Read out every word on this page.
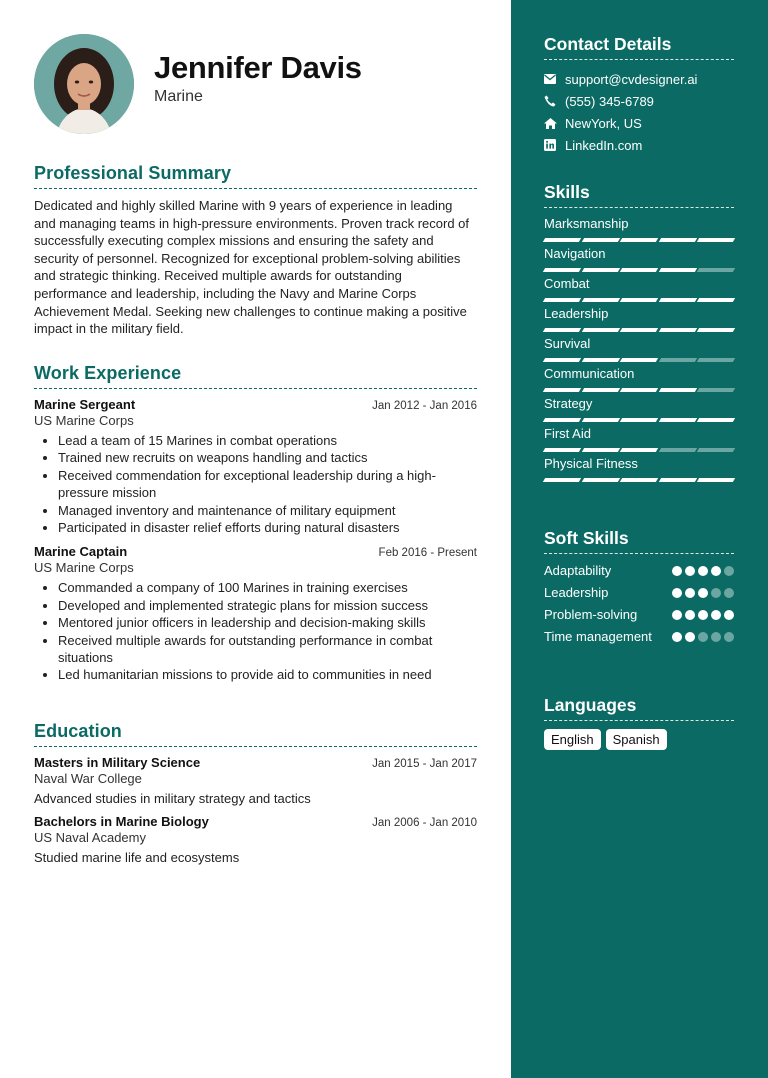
Jennifer Davis
Marine
Professional Summary

Dedicated and highly skilled Marine with 9 years of experience in leading and managing teams in high-pressure environments. Proven track record of successfully executing complex missions and ensuring the safety and security of personnel. Recognized for exceptional problem-solving abilities and strategic thinking. Received multiple awards for outstanding performance and leadership, including the Navy and Marine Corps Achievement Medal. Seeking new challenges to continue making a positive impact in the military field.

Work Experience
Marine Sergeant	Jan 2012 - Jan 2016
US Marine Corps
• Lead a team of 15 Marines in combat operations
• Trained new recruits on weapons handling and tactics
• Received commendation for exceptional leadership during a high-pressure mission
• Managed inventory and maintenance of military equipment
• Participated in disaster relief efforts during natural disasters
Marine Captain	Feb 2016 - Present
US Marine Corps
• Commanded a company of 100 Marines in training exercises
• Developed and implemented strategic plans for mission success
• Mentored junior officers in leadership and decision-making skills
• Received multiple awards for outstanding performance in combat situations
• Led humanitarian missions to provide aid to communities in need
Education
Masters in Military Science	Jan 2015 - Jan 2017
Naval War College
Advanced studies in military strategy and tactics
Bachelors in Marine Biology	Jan 2006 - Jan 2010
US Naval Academy
Studied marine life and ecosystems
Contact Details
support@cvdesigner.ai
(555) 345-6789
NewYork, US
LinkedIn.com
Skills
Marksmanship
Navigation
Combat
Leadership
Survival
Communication
Strategy
First Aid
Physical Fitness
Soft Skills
Adaptability
Leadership
Problem-solving
Time management
Languages
English	Spanish
